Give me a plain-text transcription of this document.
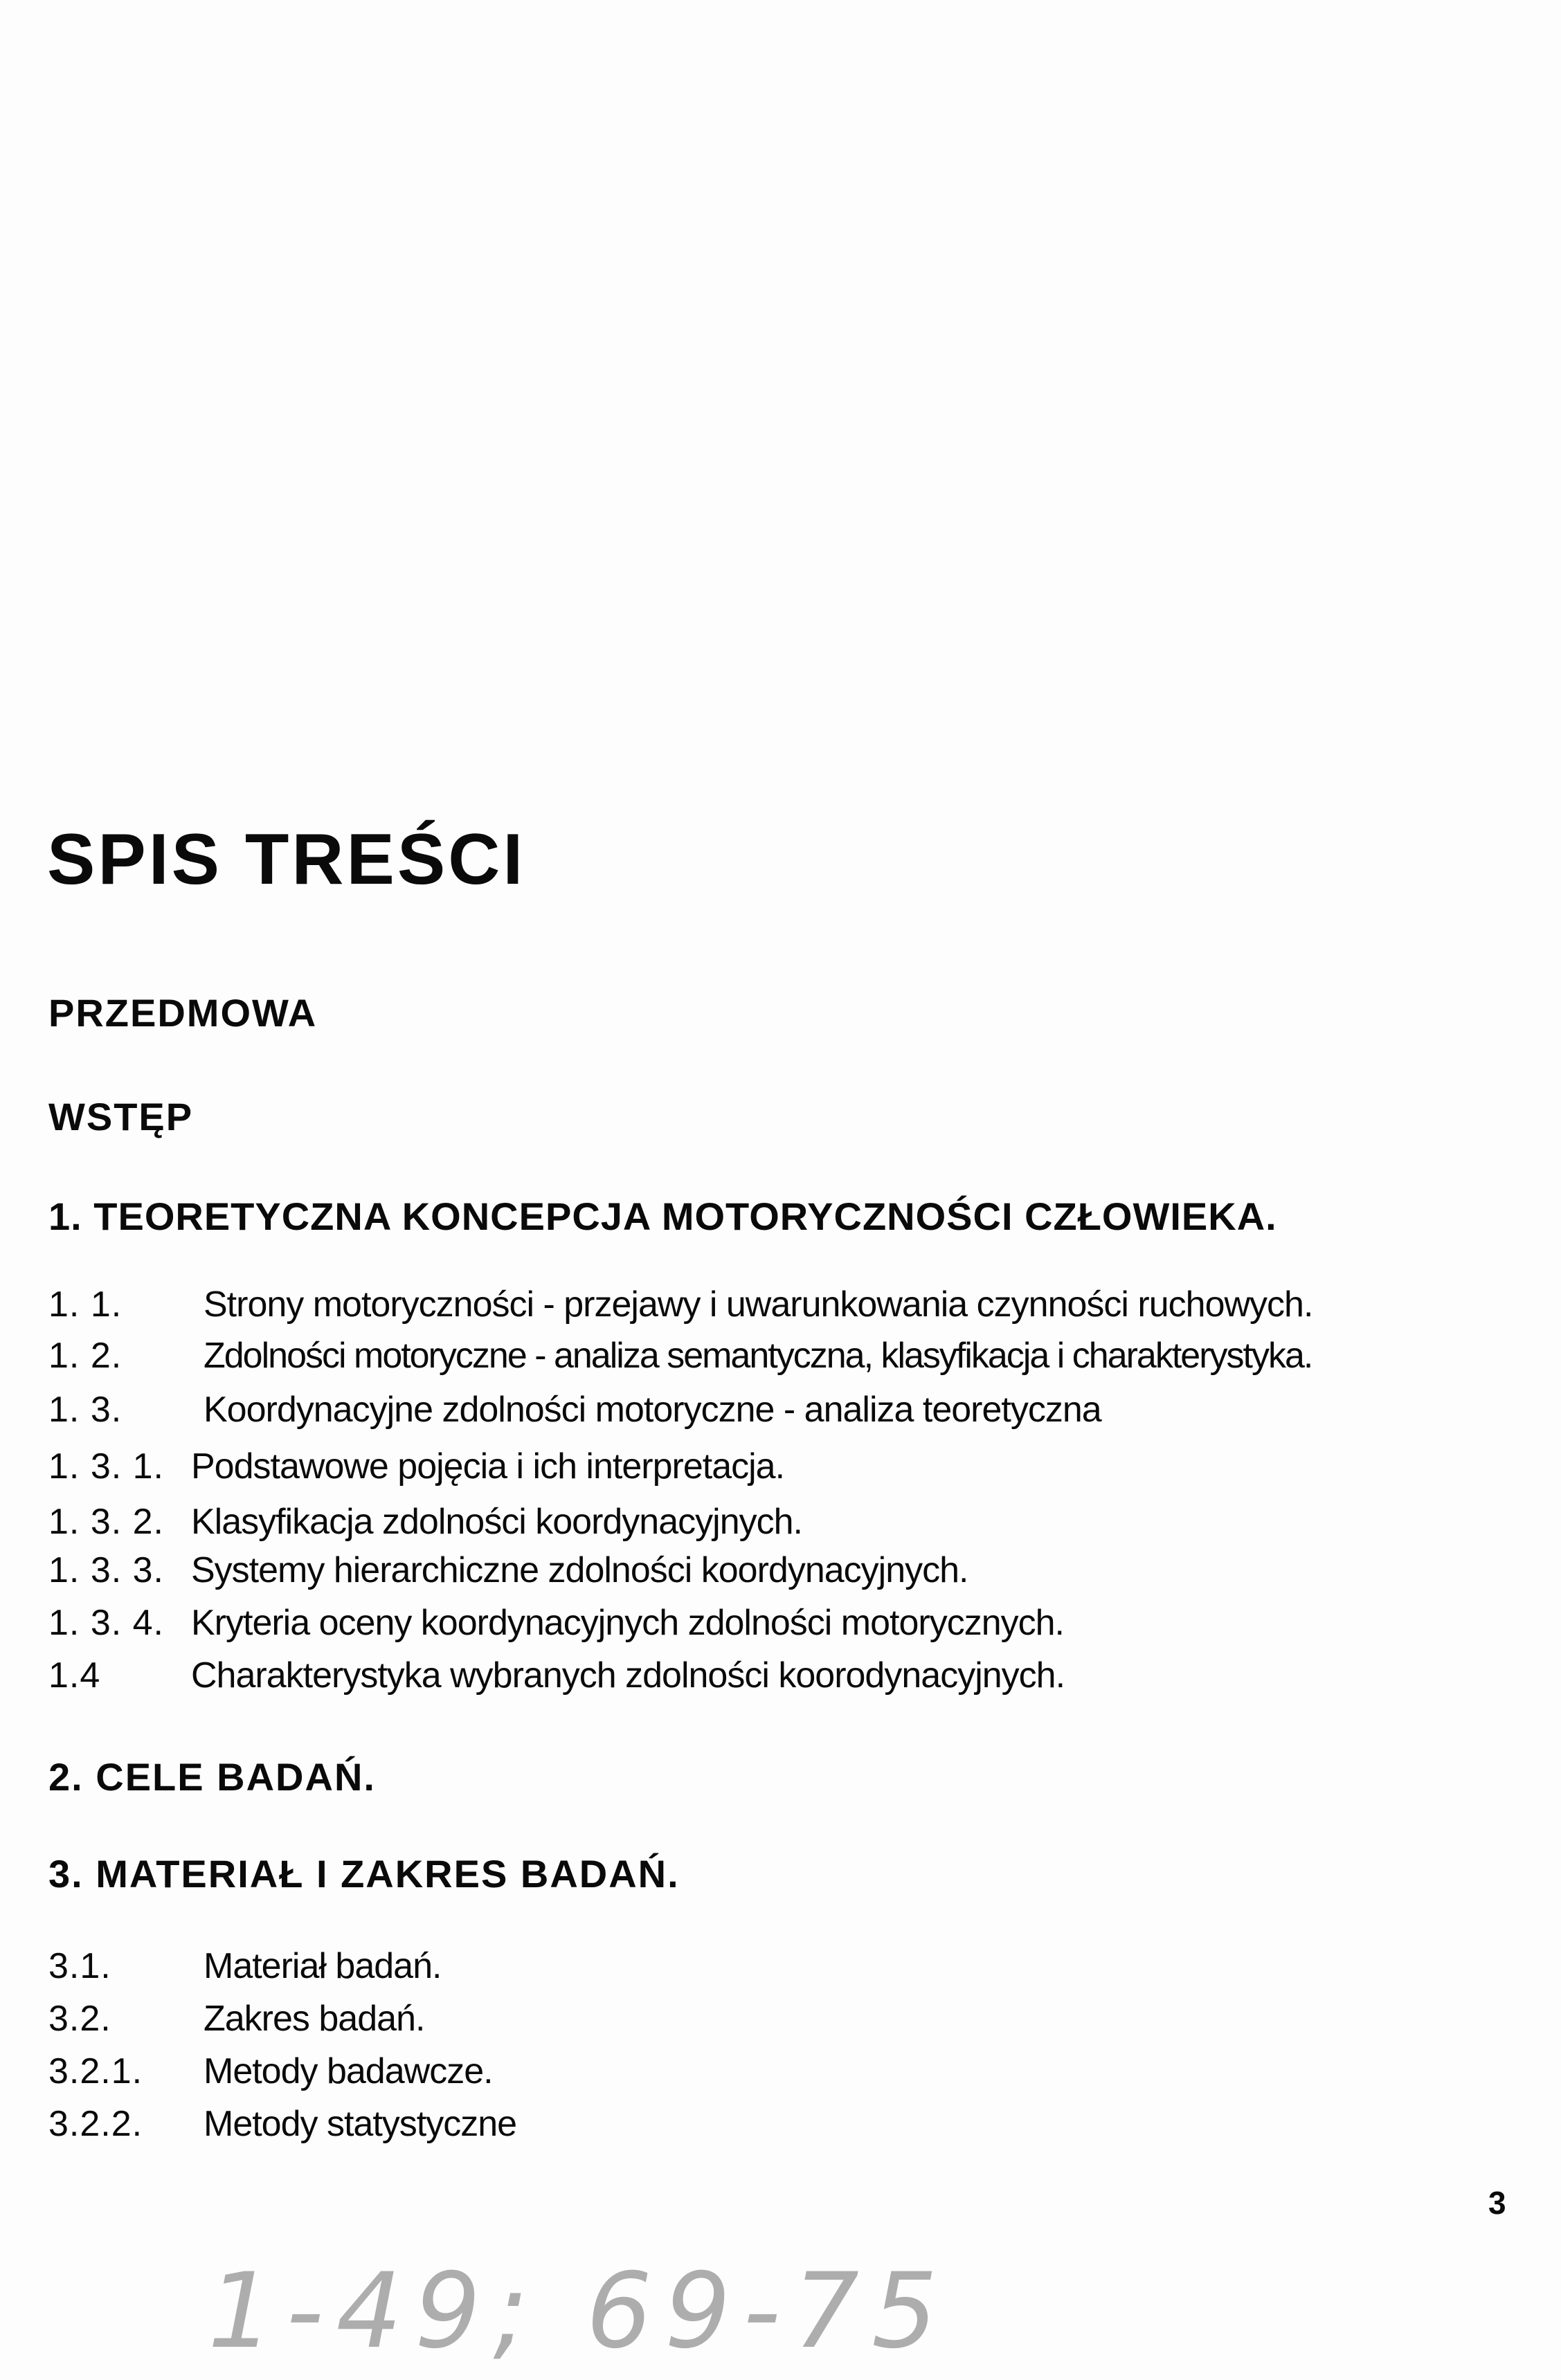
SPIS TREŚCI
PRZEDMOWA
WSTĘP
1. TEORETYCZNA KONCEPCJA MOTORYCZNOŚCI CZŁOWIEKA.
1. 1. Strony motoryczności - przejawy i uwarunkowania czynności ruchowych.
1. 2. Zdolności motoryczne - analiza semantyczna, klasyfikacja i charakterystyka.
1. 3. Koordynacyjne zdolności motoryczne - analiza teoretyczna
1. 3. 1. Podstawowe pojęcia i ich interpretacja.
1. 3. 2. Klasyfikacja zdolności koordynacyjnych.
1. 3. 3. Systemy hierarchiczne zdolności koordynacyjnych.
1. 3. 4. Kryteria oceny koordynacyjnych zdolności motorycznych.
1.4	Charakterystyka wybranych zdolności koorodynacyjnych.
2. CELE BADAŃ.
3. MATERIAŁ I ZAKRES BADAŃ.
3.1.	Materiał badań.
3.2.	Zakres badań.
3.2.1. Metody badawcze.
3.2.2. Metody statystyczne
3
1-49; 69-75
